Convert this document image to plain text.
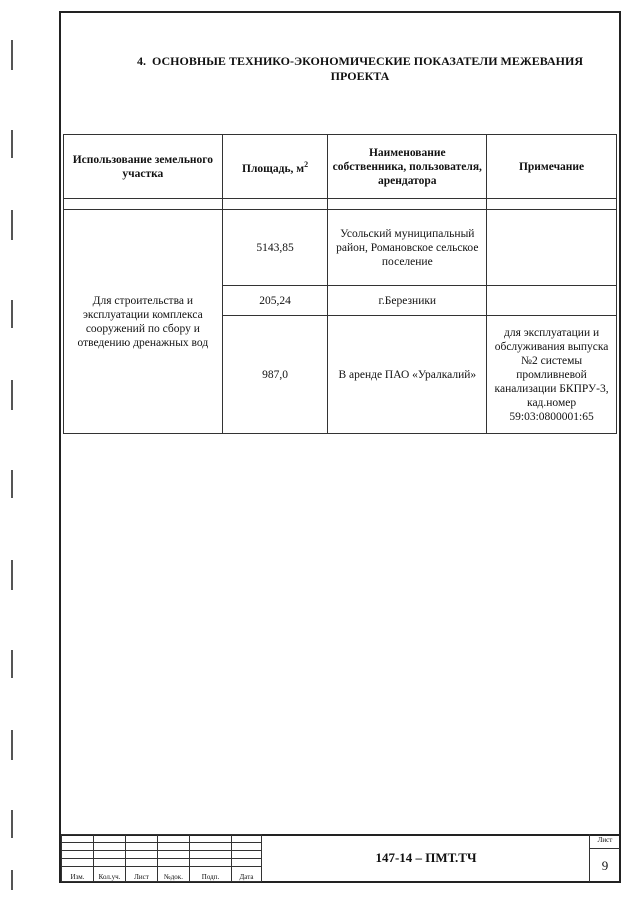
4. ОСНОВНЫЕ ТЕХНИКО-ЭКОНОМИЧЕСКИЕ ПОКАЗАТЕЛИ МЕЖЕВАНИЯ
ПРОЕКТА
Использование земельного участка	Площадь, $м^2$	Наименование собственника, пользователя, арендатора	Примечание

Для строительства и эксплуатации комплекса сооружений по сбору и отведению дренажных вод	5143,85	Усольский муниципальный район, Романовское сельское поселение	
	205,24	г.Березники	
	987,0	В аренде ПАО «Уралкалий»	для эксплуатации и обслуживания выпуска №2 системы промливневой канализации БКПРУ-3, кад.номер 59:03:0800001:65

Изм.	Кол.уч.	Лист	№док.	Подп.	Дата
147-14 – ПМТ.ТЧ
Лист
9
